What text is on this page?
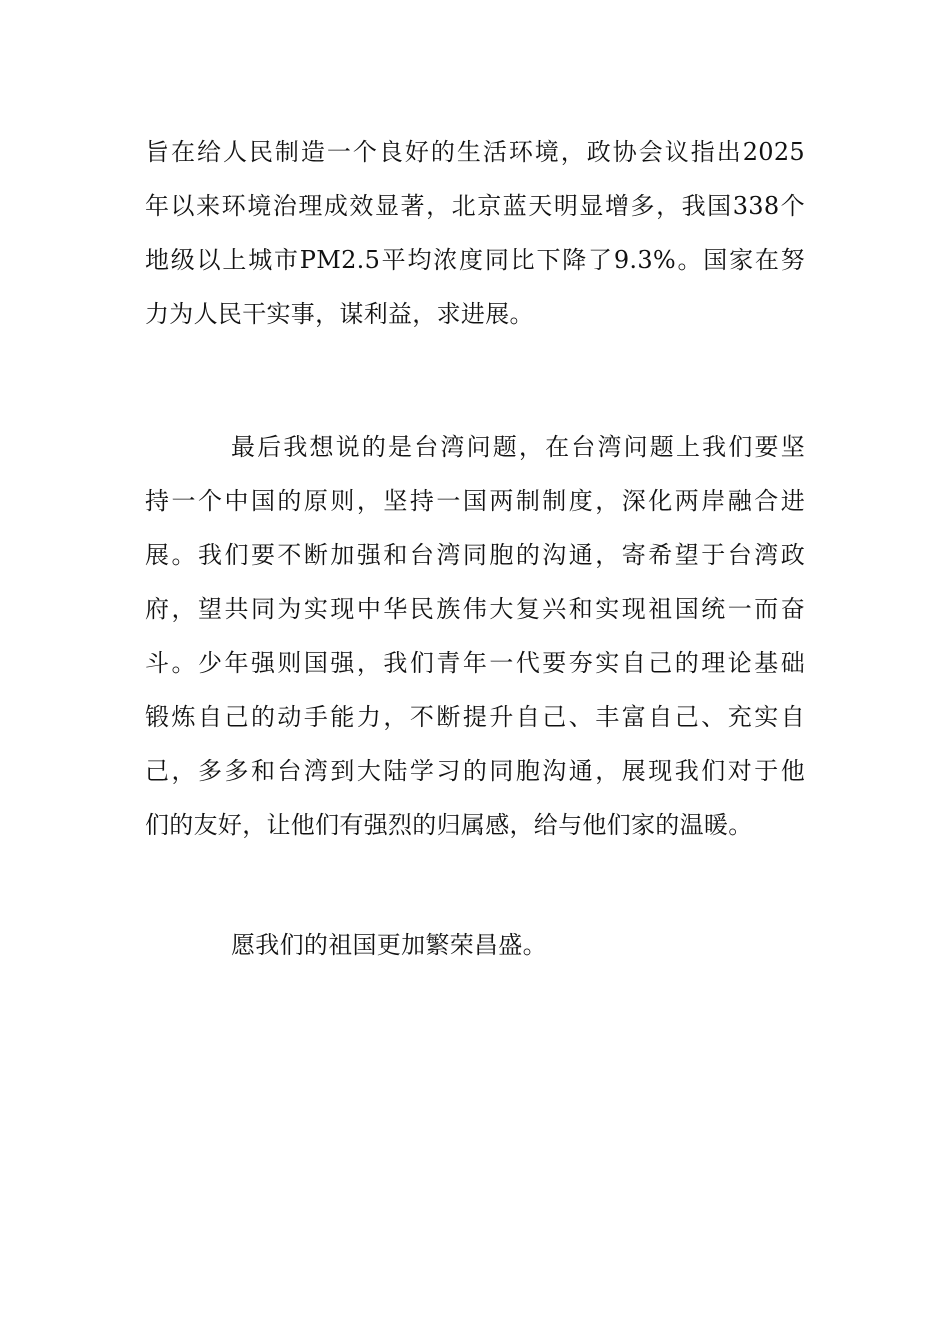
旨在给人民制造一个良好的生活环境，政协会议指出2025
年以来环境治理成效显著，北京蓝天明显增多，我国338个
地级以上城市PM2.5平均浓度同比下降了9.3%。国家在努
力为人民干实事，谋利益，求进展。

最后我想说的是台湾问题，在台湾问题上我们要坚
持一个中国的原则，坚持一国两制制度，深化两岸融合进
展。我们要不断加强和台湾同胞的沟通，寄希望于台湾政
府，望共同为实现中华民族伟大复兴和实现祖国统一而奋
斗。少年强则国强，我们青年一代要夯实自己的理论基础
锻炼自己的动手能力，不断提升自己、丰富自己、充实自
己，多多和台湾到大陆学习的同胞沟通，展现我们对于他
们的友好，让他们有强烈的归属感，给与他们家的温暖。

愿我们的祖国更加繁荣昌盛。
